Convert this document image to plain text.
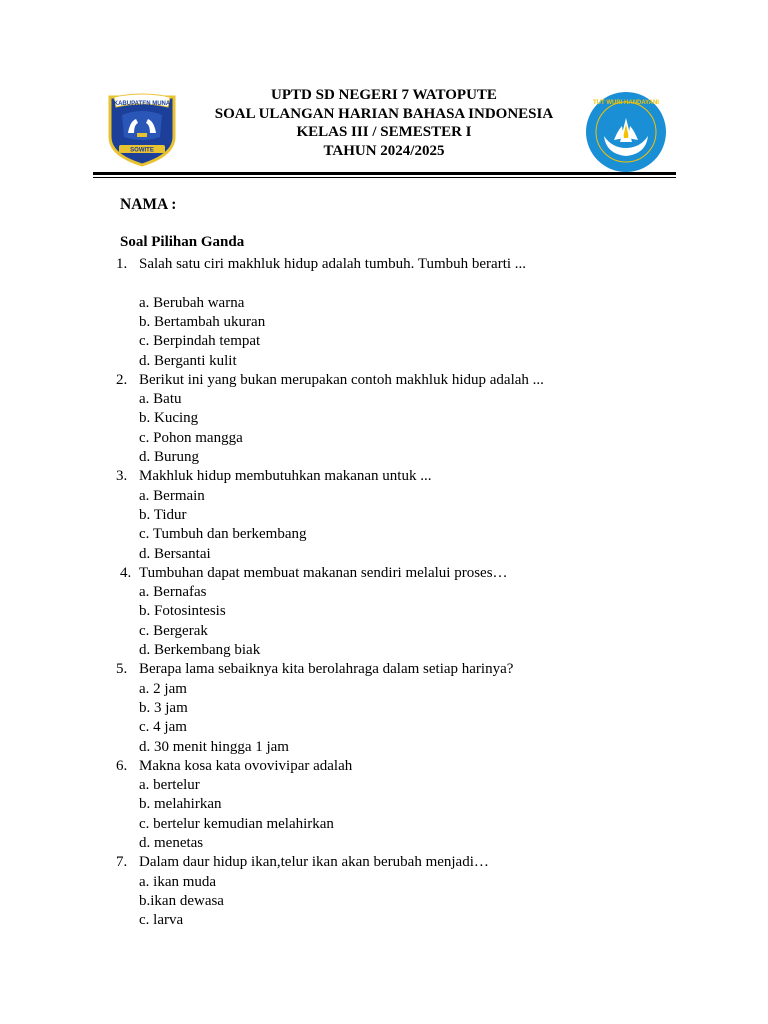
UPTD SD NEGERI 7 WATOPUTE
SOAL ULANGAN HARIAN BAHASA INDONESIA
KELAS III / SEMESTER I
TAHUN 2024/2025
KABUPATEN MUNA
SOWITE
TUT WURI HANDAYANI
NAMA :
Soal Pilihan Ganda
1. Salah satu ciri makhluk hidup adalah tumbuh. Tumbuh berarti ...
a. Berubah warna
b. Bertambah ukuran
c. Berpindah tempat
d. Berganti kulit
2. Berikut ini yang bukan merupakan contoh makhluk hidup adalah ...
a. Batu
b. Kucing
c. Pohon mangga
d. Burung
3. Makhluk hidup membutuhkan makanan untuk ...
a. Bermain
b. Tidur
c. Tumbuh dan berkembang
d. Bersantai
4. Tumbuhan dapat membuat makanan sendiri melalui proses…
a. Bernafas
b. Fotosintesis
c. Bergerak
d. Berkembang biak
5. Berapa lama sebaiknya kita berolahraga dalam setiap harinya?
a. 2 jam
b. 3 jam
c. 4 jam
d. 30 menit hingga 1 jam
6. Makna kosa kata ovovivipar adalah
a. bertelur
b. melahirkan
c. bertelur kemudian melahirkan
d. menetas
7. Dalam daur hidup ikan,telur ikan akan berubah menjadi…
a. ikan muda
b.ikan dewasa
c. larva
